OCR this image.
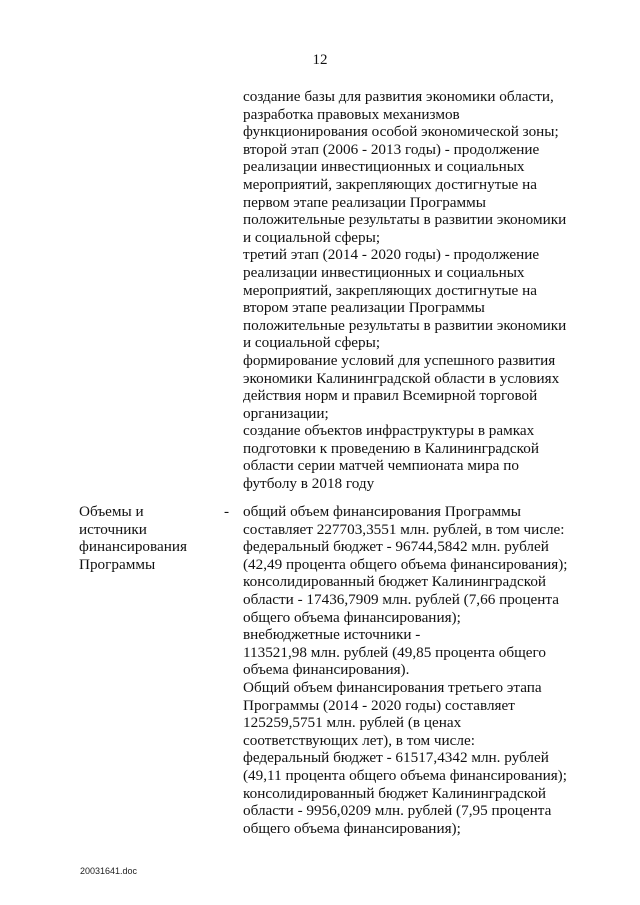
12
создание базы для развития экономики области,
разработка правовых механизмов
функционирования особой экономической зоны;
второй этап (2006 - 2013 годы) - продолжение
реализации инвестиционных и социальных
мероприятий, закрепляющих достигнутые на
первом этапе реализации Программы
положительные результаты в развитии экономики
и социальной сферы;
третий этап (2014 - 2020 годы) - продолжение
реализации инвестиционных и социальных
мероприятий, закрепляющих достигнутые на
втором этапе реализации Программы
положительные результаты в развитии экономики
и социальной сферы;
формирование условий для успешного развития
экономики Калининградской области в условиях
действия норм и правил Всемирной торговой
организации;
создание объектов инфраструктуры в рамках
подготовки к проведению в Калининградской
области серии матчей чемпионата мира по
футболу в 2018 году
Объемы и
источники
финансирования
Программы
- общий объем финансирования Программы
составляет 227703,3551 млн. рублей, в том числе:
федеральный бюджет - 96744,5842 млн. рублей
(42,49 процента общего объема финансирования);
консолидированный бюджет Калининградской
области - 17436,7909 млн. рублей (7,66 процента
общего объема финансирования);
внебюджетные источники -
113521,98 млн. рублей (49,85 процента общего
объема финансирования).
Общий объем финансирования третьего этапа
Программы (2014 - 2020 годы) составляет
125259,5751 млн. рублей (в ценах
соответствующих лет), в том числе:
федеральный бюджет - 61517,4342 млн. рублей
(49,11 процента общего объема финансирования);
консолидированный бюджет Калининградской
области - 9956,0209 млн. рублей (7,95 процента
общего объема финансирования);
20031641.doc
